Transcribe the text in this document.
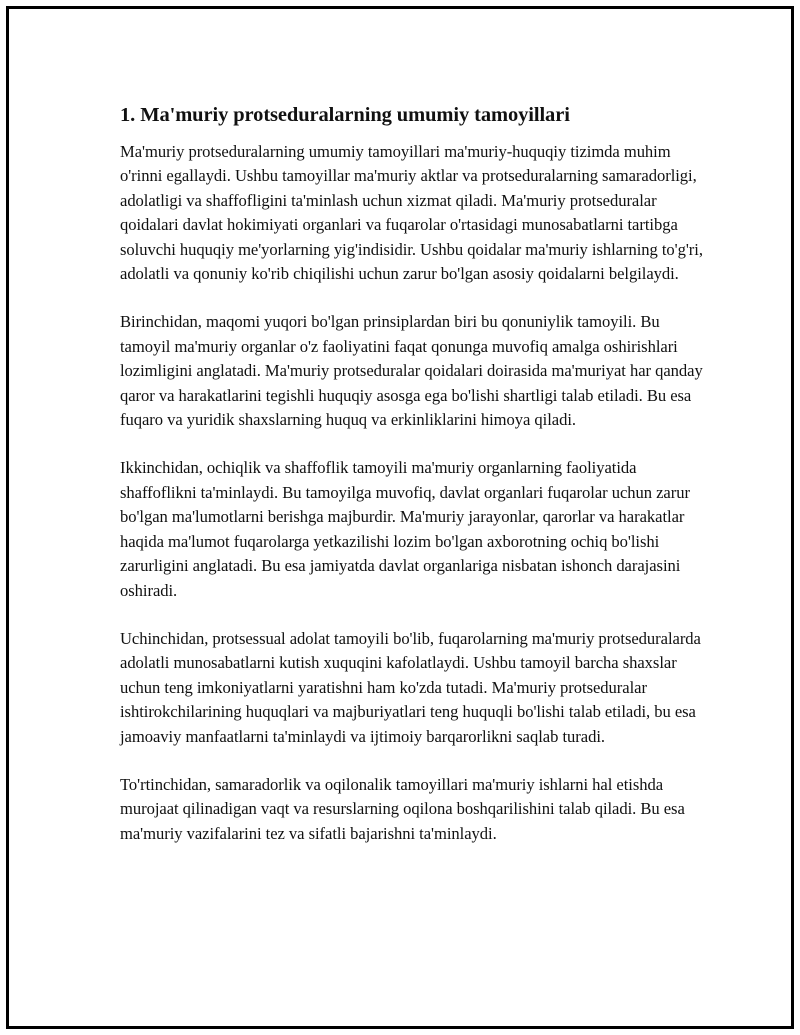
1. Ma'muriy protseduralarning umumiy tamoyillari

Ma'muriy protseduralarning umumiy tamoyillari ma'muriy-huquqiy tizimda muhim o'rinni egallaydi. Ushbu tamoyillar ma'muriy aktlar va protseduralarning samaradorligi, adolatligi va shaffofligini ta'minlash uchun xizmat qiladi. Ma'muriy protseduralar qoidalari davlat hokimiyati organlari va fuqarolar o'rtasidagi munosabatlarni tartibga soluvchi huquqiy me'yorlarning yig'indisidir. Ushbu qoidalar ma'muriy ishlarning to'g'ri, adolatli va qonuniy ko'rib chiqilishi uchun zarur bo'lgan asosiy qoidalarni belgilaydi.

Birinchidan, maqomi yuqori bo'lgan prinsiplardan biri bu qonuniylik tamoyili. Bu tamoyil ma'muriy organlar o'z faoliyatini faqat qonunga muvofiq amalga oshirishlari lozimligini anglatadi. Ma'muriy protseduralar qoidalari doirasida ma'muriyat har qanday qaror va harakatlarini tegishli huquqiy asosga ega bo'lishi shartligi talab etiladi. Bu esa fuqaro va yuridik shaxslarning huquq va erkinliklarini himoya qiladi.

Ikkinchidan, ochiqlik va shaffoflik tamoyili ma'muriy organlarning faoliyatida shaffoflikni ta'minlaydi. Bu tamoyilga muvofiq, davlat organlari fuqarolar uchun zarur bo'lgan ma'lumotlarni berishga majburdir. Ma'muriy jarayonlar, qarorlar va harakatlar haqida ma'lumot fuqarolarga yetkazilishi lozim bo'lgan axborotning ochiq bo'lishi zarurligini anglatadi. Bu esa jamiyatda davlat organlariga nisbatan ishonch darajasini oshiradi.

Uchinchidan, protsessual adolat tamoyili bo'lib, fuqarolarning ma'muriy protseduralarda adolatli munosabatlarni kutish xuquqini kafolatlaydi. Ushbu tamoyil barcha shaxslar uchun teng imkoniyatlarni yaratishni ham ko'zda tutadi. Ma'muriy protseduralar ishtirokchilarining huquqlari va majburiyatlari teng huquqli bo'lishi talab etiladi, bu esa jamoaviy manfaatlarni ta'minlaydi va ijtimoiy barqarorlikni saqlab turadi.

To'rtinchidan, samaradorlik va oqilonalik tamoyillari ma'muriy ishlarni hal etishda murojaat qilinadigan vaqt va resurslarning oqilona boshqarilishini talab qiladi. Bu esa ma'muriy vazifalarini tez va sifatli bajarishni ta'minlaydi.
